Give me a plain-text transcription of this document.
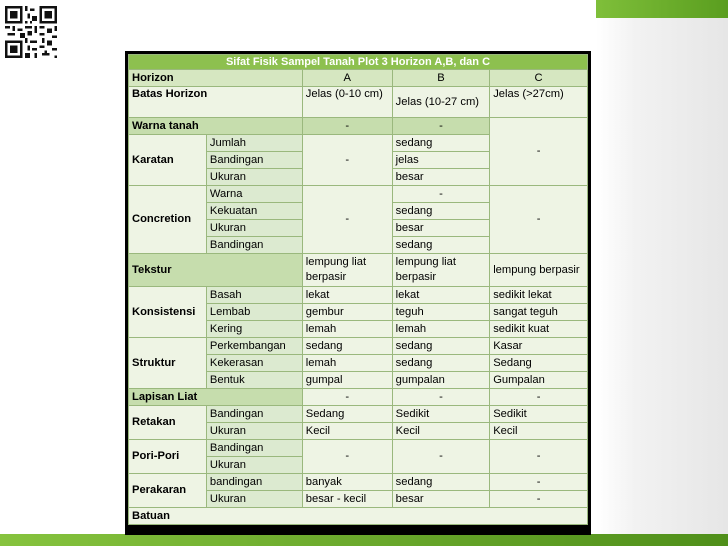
Sifat Fisik Sampel Tanah Plot 3 Horizon A,B, dan C				
Horizon		A	B	C
Batas Horizon		Jelas (0-10 cm)	Jelas (10-27 cm)	Jelas (>27cm)
Warna tanah		-	-	-
Karatan	Jumlah	-	sedang	
	Bandingan		jelas	
	Ukuran		besar	
Concretion	Warna	-	-	-
	Kekuatan		sedang	
	Ukuran		besar	
	Bandingan		sedang	
Tekstur		lempung liat berpasir	lempung liat berpasir	lempung berpasir
Konsistensi	Basah	lekat	lekat	sedikit lekat
	Lembab	gembur	teguh	sangat teguh
	Kering	lemah	lemah	sedikit kuat
Struktur	Perkembangan	sedang	sedang	Kasar
	Kekerasan	lemah	sedang	Sedang
	Bentuk	gumpal	gumpalan	Gumpalan
Lapisan Liat		-	-	-
Retakan	Bandingan	Sedang	Sedikit	Sedikit
	Ukuran	Kecil	Kecil	Kecil
Pori-Pori	Bandingan	-	-	-
	Ukuran			
Perakaran	bandingan	banyak	sedang	-
	Ukuran	besar - kecil	besar	-
Batuan				
